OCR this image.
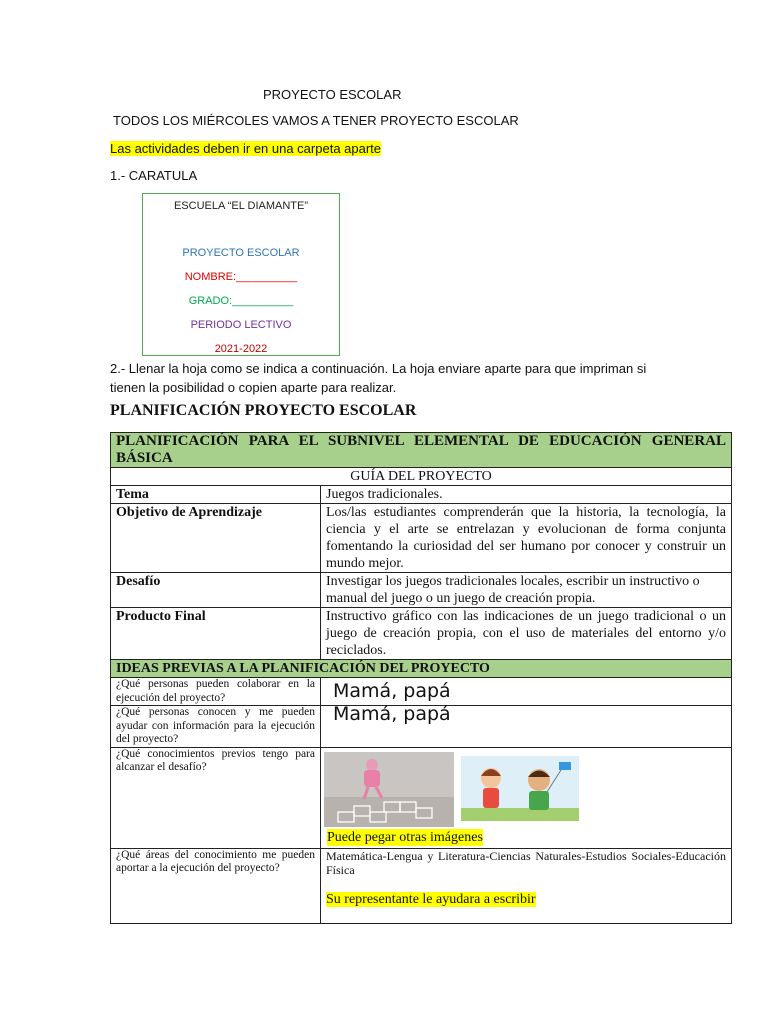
PROYECTO ESCOLAR
TODOS LOS MIÉRCOLES VAMOS A TENER PROYECTO ESCOLAR
Las actividades deben ir en una carpeta aparte
1.- CARATULA
ESCUELA “EL DIAMANTE”
PROYECTO ESCOLAR
NOMBRE:__________
GRADO:__________
PERIODO LECTIVO
2021-2022
2.- Llenar la hoja como se indica a continuación. La hoja enviare aparte para que impriman si tienen la posibilidad o copien aparte para realizar.
PLANIFICACIÓN PROYECTO ESCOLAR
PLANIFICACIÓN PARA EL SUBNIVEL ELEMENTAL DE EDUCACIÓN GENERAL BÁSICA	
GUÍA DEL PROYECTO	
Tema	Juegos tradicionales.
Objetivo de Aprendizaje	Los/las estudiantes comprenderán que la historia, la tecnología, la ciencia y el arte se entrelazan y evolucionan de forma conjunta fomentando la curiosidad del ser humano por conocer y construir un mundo mejor.
Desafío	Investigar los juegos tradicionales locales, escribir un instructivo o manual del juego o un juego de creación propia.
Producto Final	Instructivo gráfico con las indicaciones de un juego tradicional o un juego de creación propia, con el uso de materiales del entorno y/o reciclados.
IDEAS PREVIAS A LA PLANIFICACIÓN DEL PROYECTO	
¿Qué personas pueden colaborar en la ejecución del proyecto?	Mamá, papá
¿Qué personas conocen y me pueden ayudar con información para la ejecución del proyecto?	Mamá, papá
¿Qué conocimientos previos tengo para alcanzar el desafío?	Puede pegar otras imágenes

¿Qué áreas del conocimiento me pueden aportar a la ejecución del proyecto?	Matemática-Lengua y Literatura-Ciencias Naturales-Estudios Sociales-Educación Física
Su representante le ayudara a escribir
